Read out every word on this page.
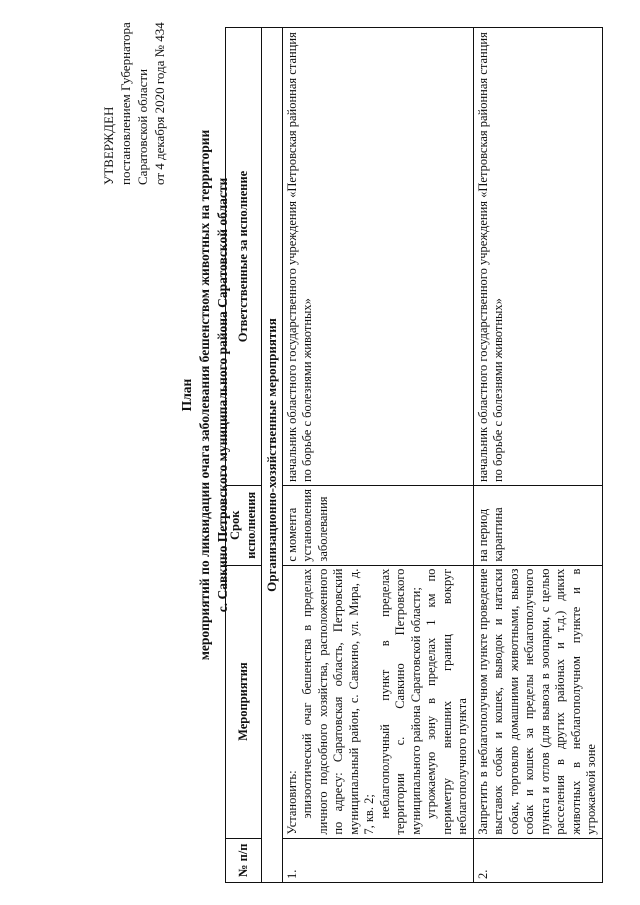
УТВЕРЖДЕН постановлением Губернатора Саратовской области от 4 декабря 2020 года № 434
План мероприятий по ликвидации очага заболевания бешенством животных на территории с. Савкино Петровского муниципального района Саратовской области
№ п/п	Мероприятия	Срок исполнения	Ответственные за исполнение
Организационно-хозяйственные мероприятия			
1.	Установить: эпизоотический очаг бешенства в пределах личного подсобного хозяйства, расположенного по адресу: Саратовская область, Петровский муниципальный район, с. Савкино, ул. Мира, д. 7, кв. 2; неблагополучный пункт в пределах территории с. Савкино Петровского муниципального района Саратовской области; угрожаемую зону в пределах 1 км по периметру внешних границ вокруг неблагополучного пункта	с момента установления заболевания	начальник областного государственного учреждения «Петровская районная станция по борьбе с болезнями животных»
2.	Запретить в неблагополучном пункте проведение выставок собак и кошек, выводок и натаски собак, торговлю домашними животными, вывоз собак и кошек за пределы неблагополучного пункта и отлов (для вывоза в зоопарки, с целью расселения в других районах и т.д.) диких животных в неблагополучном пункте и в угрожаемой зоне	на период карантина	начальник областного государственного учреждения «Петровская районная станция по борьбе с болезнями животных»
